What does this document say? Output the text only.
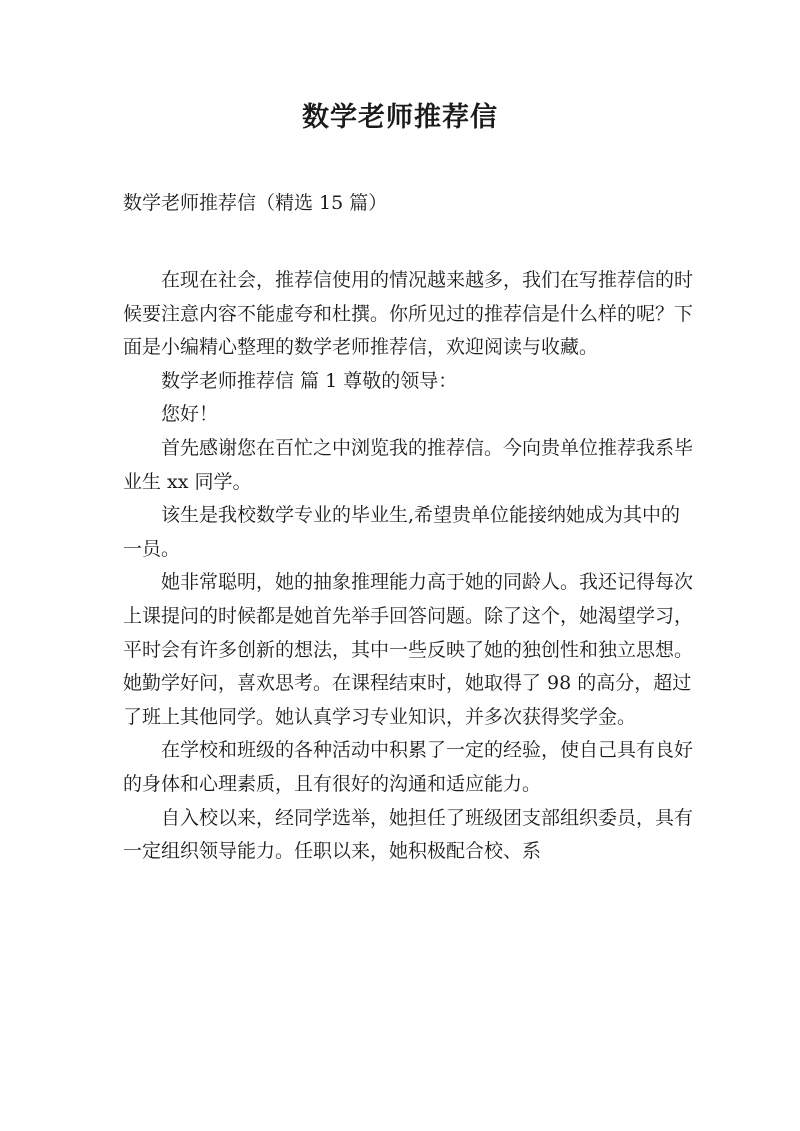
数学老师推荐信

数学老师推荐信（精选 15 篇）

在现在社会，推荐信使用的情况越来越多，我们在写推荐信的时候要注意内容不能虚夸和杜撰。你所见过的推荐信是什么样的呢？下面是小编精心整理的数学老师推荐信，欢迎阅读与收藏。

数学老师推荐信 篇 1 尊敬的领导：

您好！

首先感谢您在百忙之中浏览我的推荐信。今向贵单位推荐我系毕业生 xx 同学。

该生是我校数学专业的毕业生,希望贵单位能接纳她成为其中的一员。

她非常聪明，她的抽象推理能力高于她的同龄人。我还记得每次上课提问的时候都是她首先举手回答问题。除了这个，她渴望学习，平时会有许多创新的想法，其中一些反映了她的独创性和独立思想。她勤学好问，喜欢思考。在课程结束时，她取得了 98 的高分，超过了班上其他同学。她认真学习专业知识，并多次获得奖学金。

在学校和班级的各种活动中积累了一定的经验，使自己具有良好的身体和心理素质，且有很好的沟通和适应能力。

自入校以来，经同学选举，她担任了班级团支部组织委员，具有一定组织领导能力。任职以来，她积极配合校、系
